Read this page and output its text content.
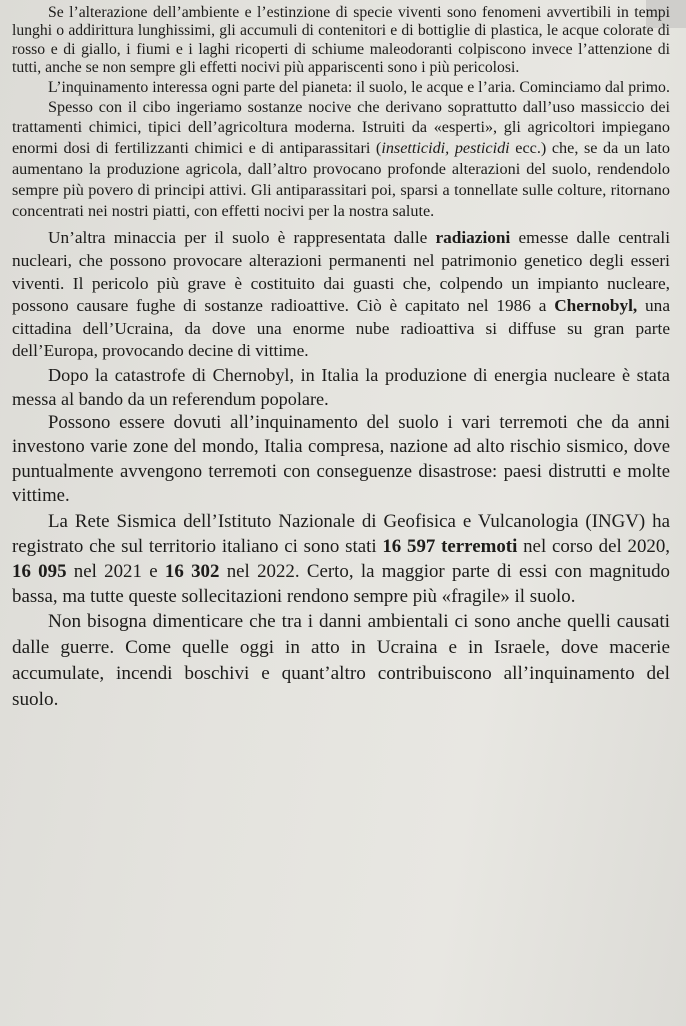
Se l’alterazione dell’ambiente e l’estinzione di specie viventi sono fenomeni avvertibili in tempi lunghi o addirittura lunghissimi, gli accumuli di contenitori e di bottiglie di plastica, le acque colorate di rosso e di giallo, i fiumi e i laghi ricoperti di schiume maleodoranti colpiscono invece l’attenzione di tutti, anche se non sempre gli effetti nocivi più appariscenti sono i più pericolosi.

L’inquinamento interessa ogni parte del pianeta: il suolo, le acque e l’aria. Cominciamo dal primo.

Spesso con il cibo ingeriamo sostanze nocive che derivano soprattutto dall’uso massiccio dei trattamenti chimici, tipici dell’agricoltura moderna. Istruiti da «esperti», gli agricoltori impiegano enormi dosi di fertilizzanti chimici e di antiparassitari (insetticidi, pesticidi ecc.) che, se da un lato aumentano la produzione agricola, dall’altro provocano profonde alterazioni del suolo, rendendolo sempre più povero di principi attivi. Gli antiparassitari poi, sparsi a tonnellate sulle colture, ritornano concentrati nei nostri piatti, con effetti nocivi per la nostra salute.

Un’altra minaccia per il suolo è rappresentata dalle radiazioni emesse dalle centrali nucleari, che possono provocare alterazioni permanenti nel patrimonio genetico degli esseri viventi. Il pericolo più grave è costituito dai guasti che, colpendo un impianto nucleare, possono causare fughe di sostanze radioattive. Ciò è capitato nel 1986 a Chernobyl, una cittadina dell’Ucraina, da dove una enorme nube radioattiva si diffuse su gran parte dell’Europa, provocando decine di vittime.

Dopo la catastrofe di Chernobyl, in Italia la produzione di energia nucleare è stata messa al bando da un referendum popolare.

Possono essere dovuti all’inquinamento del suolo i vari terremoti che da anni investono varie zone del mondo, Italia compresa, nazione ad alto rischio sismico, dove puntualmente avvengono terremoti con conseguenze disastrose: paesi distrutti e molte vittime.

La Rete Sismica dell’Istituto Nazionale di Geofisica e Vulcanologia (INGV) ha registrato che sul territorio italiano ci sono stati 16 597 terremoti nel corso del 2020, 16 095 nel 2021 e 16 302 nel 2022. Certo, la maggior parte di essi con magnitudo bassa, ma tutte queste sollecitazioni rendono sempre più «fragile» il suolo.

Non bisogna dimenticare che tra i danni ambientali ci sono anche quelli causati dalle guerre. Come quelle oggi in atto in Ucraina e in Israele, dove macerie accumulate, incendi boschivi e quant’altro contribuiscono all’inquinamento del suolo.
